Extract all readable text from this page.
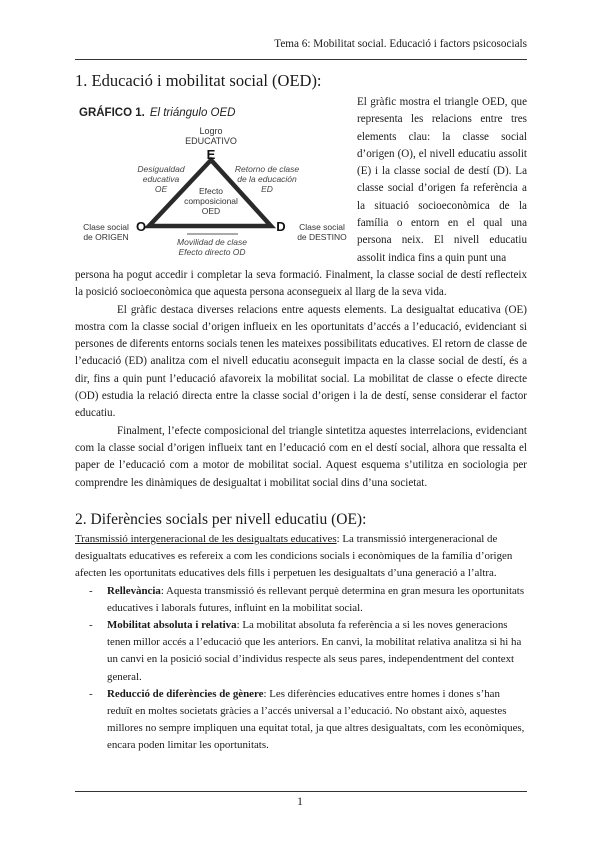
Tema 6: Mobilitat social. Educació i factors psicosocials
1. Educació i mobilitat social (OED):
GRÁFICO 1. El triángulo OED
Logro
EDUCATIVO
E
Desigualdad
educativa
OE
Retorno de clase
de la educación
ED
Efecto
composicional
OED
Clase social
de ORIGEN
O	D Clase social
de DESTINO
Movilidad de clase
Efecto directo OD
El gràfic mostra el triangle OED, que representa les relacions entre tres elements clau: la classe social d’origen (O), el nivell educatiu assolit (E) i la classe social de destí (D). La classe social d’origen fa referència a la situació socioeconòmica de la família o entorn en el qual una persona neix. El nivell educatiu assolit indica fins a quin punt una

persona ha pogut accedir i completar la seva formació. Finalment, la classe social de destí reflecteix la posició socioeconòmica que aquesta persona aconsegueix al llarg de la seva vida.

El gràfic destaca diverses relacions entre aquests elements. La desigualtat educativa (OE) mostra com la classe social d’origen influeix en les oportunitats d’accés a l’educació, evidenciant si persones de diferents entorns socials tenen les mateixes possibilitats educatives. El retorn de classe de l’educació (ED) analitza com el nivell educatiu aconseguit impacta en la classe social de destí, és a dir, fins a quin punt l’educació afavoreix la mobilitat social. La mobilitat de classe o efecte directe (OD) estudia la relació directa entre la classe social d’origen i la de destí, sense considerar el factor educatiu.

Finalment, l’efecte composicional del triangle sintetitza aquestes interrelacions, evidenciant com la classe social d’origen influeix tant en l’educació com en el destí social, alhora que ressalta el paper de l’educació com a motor de mobilitat social. Aquest esquema s’utilitza en sociologia per comprendre les dinàmiques de desigualtat i mobilitat social dins d’una societat.

2. Diferències socials per nivell educatiu (OE):

Transmissió intergeneracional de les desigualtats educatives: La transmissió intergeneracional de desigualtats educatives es refereix a com les condicions socials i econòmiques de la família d’origen afecten les oportunitats educatives dels fills i perpetuen les desigualtats d’una generació a l’altra.

- Rellevància: Aquesta transmissió és rellevant perquè determina en gran mesura les oportunitats educatives i laborals futures, influint en la mobilitat social.
- Mobilitat absoluta i relativa: La mobilitat absoluta fa referència a si les noves generacions tenen millor accés a l’educació que les anteriors. En canvi, la mobilitat relativa analitza si hi ha un canvi en la posició social d’individus respecte als seus pares, independentment del context general.
- Reducció de diferències de gènere: Les diferències educatives entre homes i dones s’han reduït en moltes societats gràcies a l’accés universal a l’educació. No obstant això, aquestes millores no sempre impliquen una equitat total, ja que altres desigualtats, com les econòmiques, encara poden limitar les oportunitats.
1
